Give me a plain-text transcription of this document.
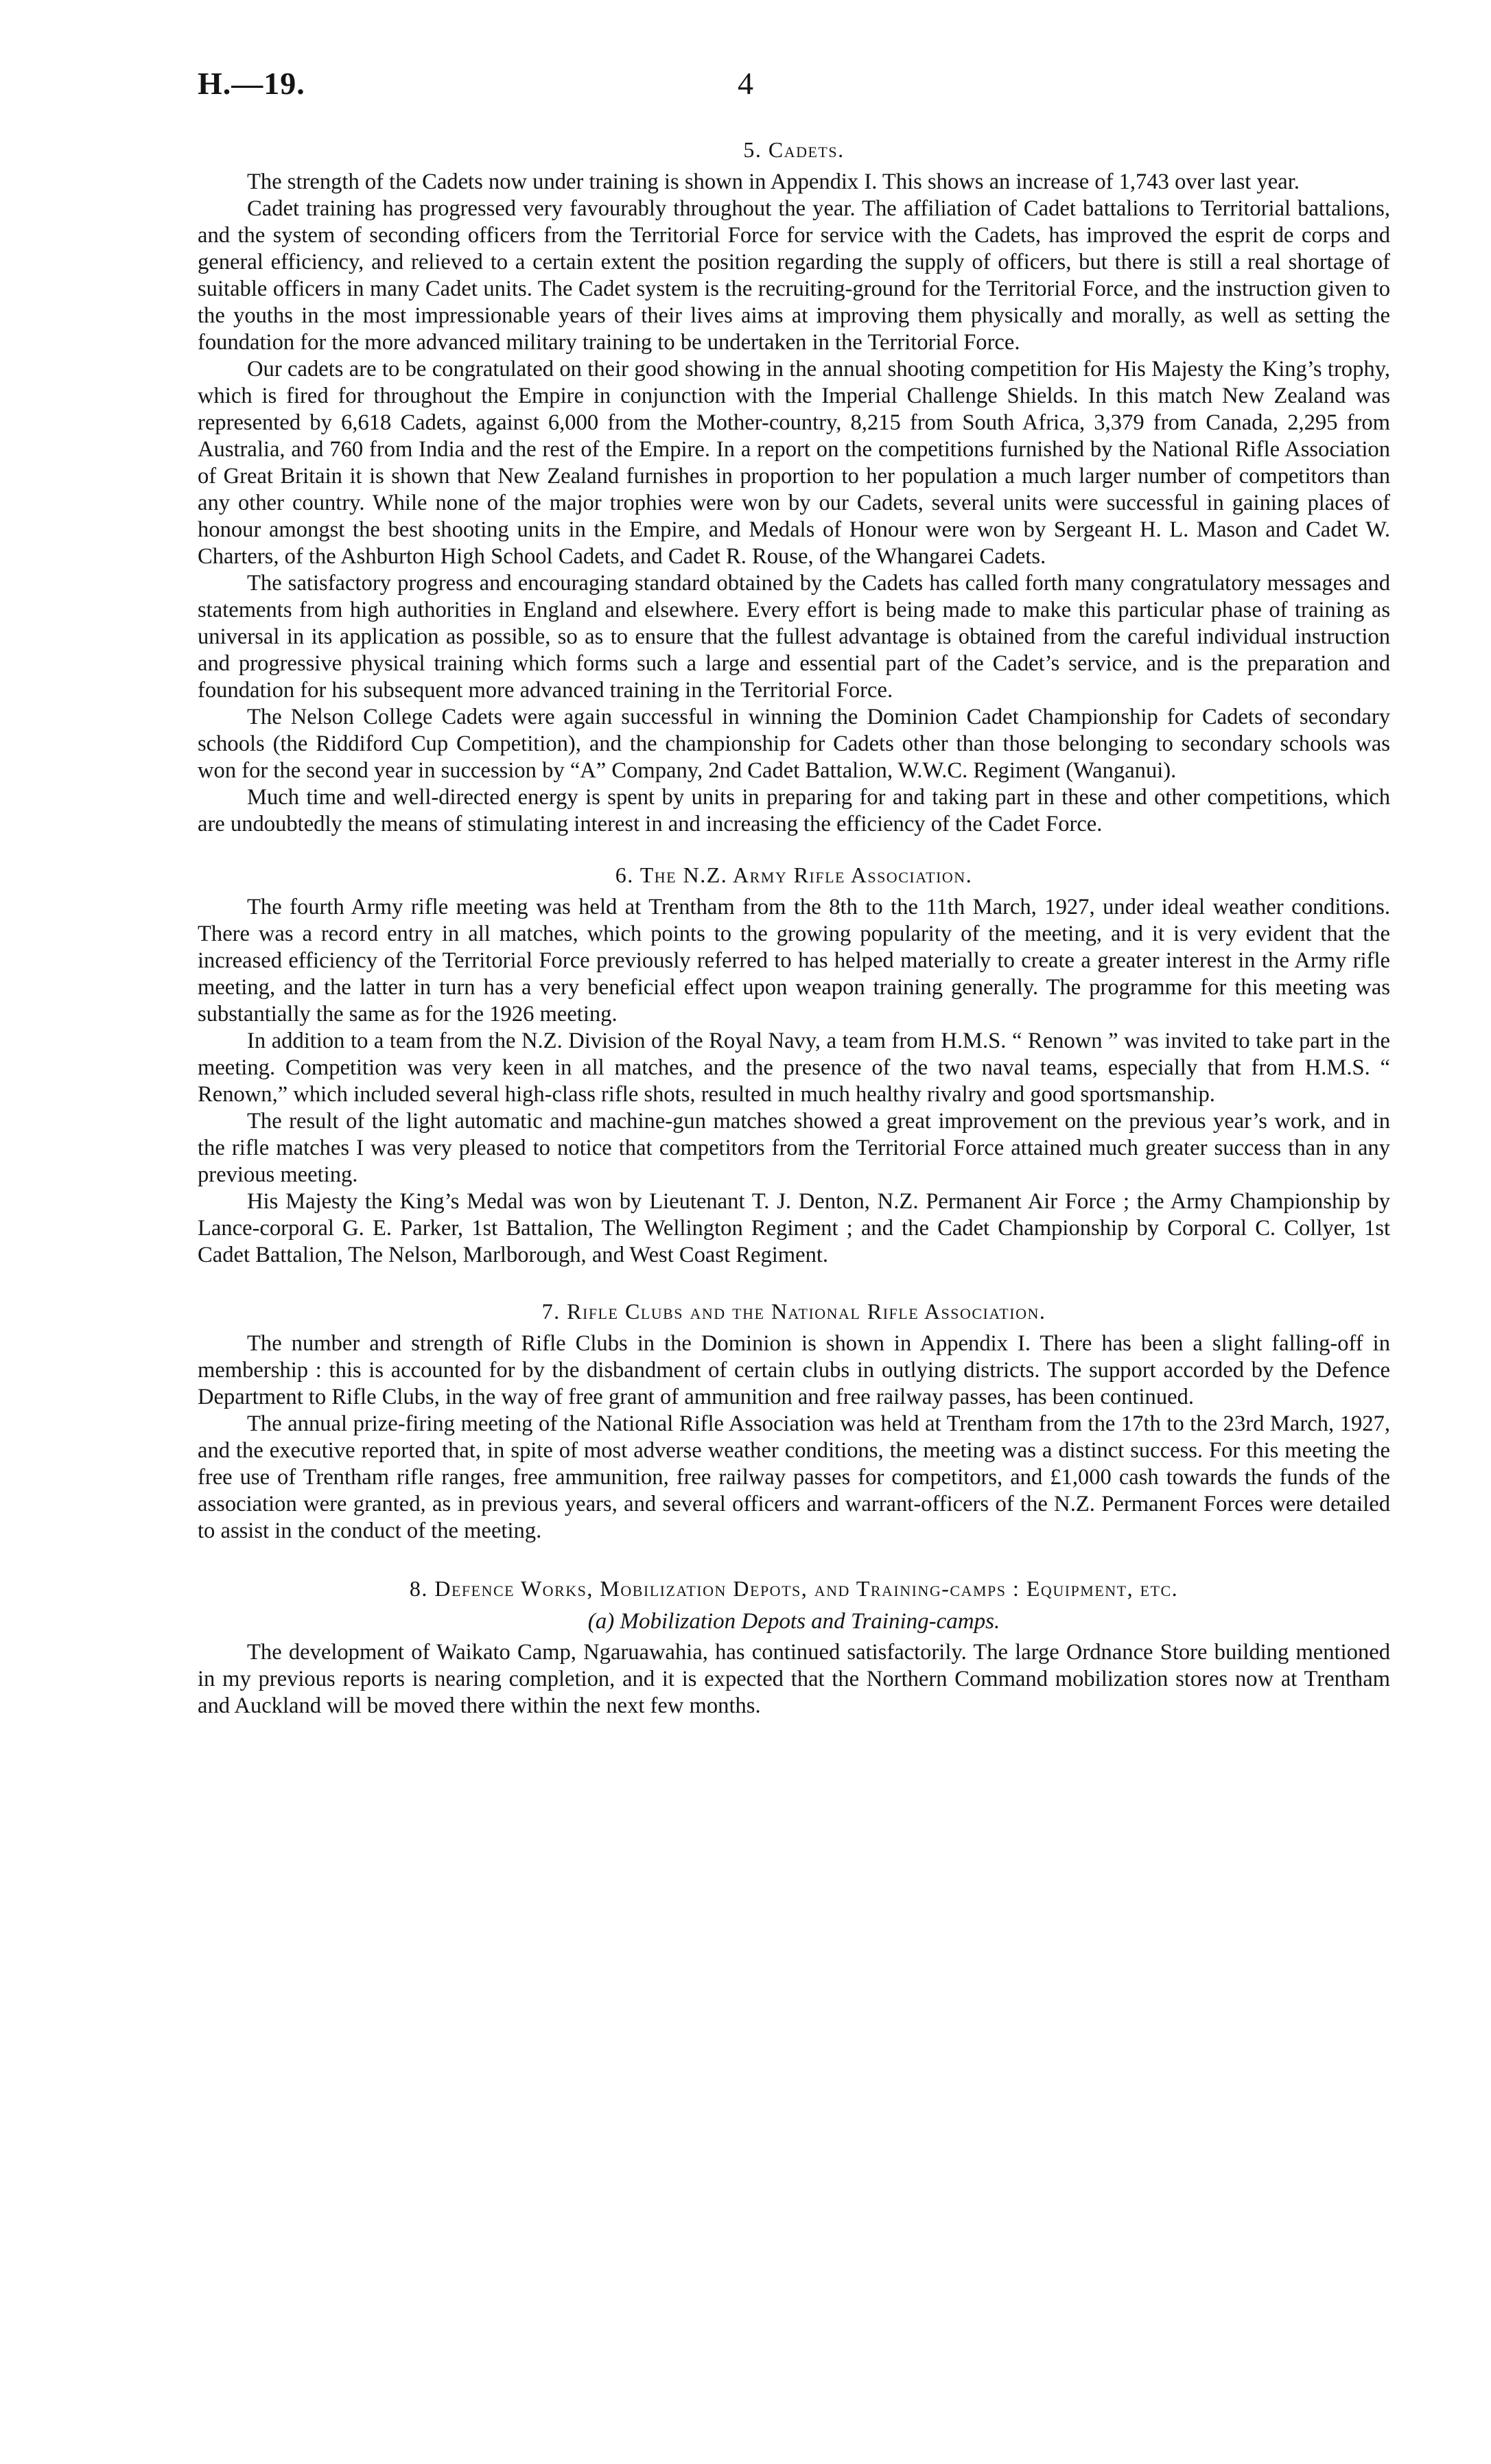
H.—19.	4
5. Cadets.

The strength of the Cadets now under training is shown in Appendix I. This shows an increase of 1,743 over last year.

Cadet training has progressed very favourably throughout the year. The affiliation of Cadet battalions to Territorial battalions, and the system of seconding officers from the Territorial Force for service with the Cadets, has improved the esprit de corps and general efficiency, and relieved to a certain extent the position regarding the supply of officers, but there is still a real shortage of suitable officers in many Cadet units. The Cadet system is the recruiting-ground for the Territorial Force, and the instruction given to the youths in the most impressionable years of their lives aims at improving them physically and morally, as well as setting the foundation for the more advanced military training to be undertaken in the Territorial Force.

Our cadets are to be congratulated on their good showing in the annual shooting competition for His Majesty the King’s trophy, which is fired for throughout the Empire in conjunction with the Imperial Challenge Shields. In this match New Zealand was represented by 6,618 Cadets, against 6,000 from the Mother-country, 8,215 from South Africa, 3,379 from Canada, 2,295 from Australia, and 760 from India and the rest of the Empire. In a report on the competitions furnished by the National Rifle Association of Great Britain it is shown that New Zealand furnishes in proportion to her population a much larger number of competitors than any other country. While none of the major trophies were won by our Cadets, several units were successful in gaining places of honour amongst the best shooting units in the Empire, and Medals of Honour were won by Sergeant H. L. Mason and Cadet W. Charters, of the Ashburton High School Cadets, and Cadet R. Rouse, of the Whangarei Cadets.

The satisfactory progress and encouraging standard obtained by the Cadets has called forth many congratulatory messages and statements from high authorities in England and elsewhere. Every effort is being made to make this particular phase of training as universal in its application as possible, so as to ensure that the fullest advantage is obtained from the careful individual instruction and progressive physical training which forms such a large and essential part of the Cadet’s service, and is the preparation and foundation for his subsequent more advanced training in the Territorial Force.

The Nelson College Cadets were again successful in winning the Dominion Cadet Championship for Cadets of secondary schools (the Riddiford Cup Competition), and the championship for Cadets other than those belonging to secondary schools was won for the second year in succession by “A” Company, 2nd Cadet Battalion, W.W.C. Regiment (Wanganui).

Much time and well-directed energy is spent by units in preparing for and taking part in these and other competitions, which are undoubtedly the means of stimulating interest in and increasing the efficiency of the Cadet Force.

6. The N.Z. Army Rifle Association.

The fourth Army rifle meeting was held at Trentham from the 8th to the 11th March, 1927, under ideal weather conditions. There was a record entry in all matches, which points to the growing popularity of the meeting, and it is very evident that the increased efficiency of the Territorial Force previously referred to has helped materially to create a greater interest in the Army rifle meeting, and the latter in turn has a very beneficial effect upon weapon training generally. The programme for this meeting was substantially the same as for the 1926 meeting.

In addition to a team from the N.Z. Division of the Royal Navy, a team from H.M.S. “ Renown ” was invited to take part in the meeting. Competition was very keen in all matches, and the presence of the two naval teams, especially that from H.M.S. “ Renown,” which included several high-class rifle shots, resulted in much healthy rivalry and good sportsmanship.

The result of the light automatic and machine-gun matches showed a great improvement on the previous year’s work, and in the rifle matches I was very pleased to notice that competitors from the Territorial Force attained much greater success than in any previous meeting.

His Majesty the King’s Medal was won by Lieutenant T. J. Denton, N.Z. Permanent Air Force ; the Army Championship by Lance-corporal G. E. Parker, 1st Battalion, The Wellington Regiment ; and the Cadet Championship by Corporal C. Collyer, 1st Cadet Battalion, The Nelson, Marlborough, and West Coast Regiment.

7. Rifle Clubs and the National Rifle Association.

The number and strength of Rifle Clubs in the Dominion is shown in Appendix I. There has been a slight falling-off in membership : this is accounted for by the disbandment of certain clubs in outlying districts. The support accorded by the Defence Department to Rifle Clubs, in the way of free grant of ammunition and free railway passes, has been continued.

The annual prize-firing meeting of the National Rifle Association was held at Trentham from the 17th to the 23rd March, 1927, and the executive reported that, in spite of most adverse weather conditions, the meeting was a distinct success. For this meeting the free use of Trentham rifle ranges, free ammunition, free railway passes for competitors, and £1,000 cash towards the funds of the association were granted, as in previous years, and several officers and warrant-officers of the N.Z. Permanent Forces were detailed to assist in the conduct of the meeting.

8. Defence Works, Mobilization Depots, and Training-camps : Equipment, etc.
(a) Mobilization Depots and Training-camps.

The development of Waikato Camp, Ngaruawahia, has continued satisfactorily. The large Ordnance Store building mentioned in my previous reports is nearing completion, and it is expected that the Northern Command mobilization stores now at Trentham and Auckland will be moved there within the next few months.
